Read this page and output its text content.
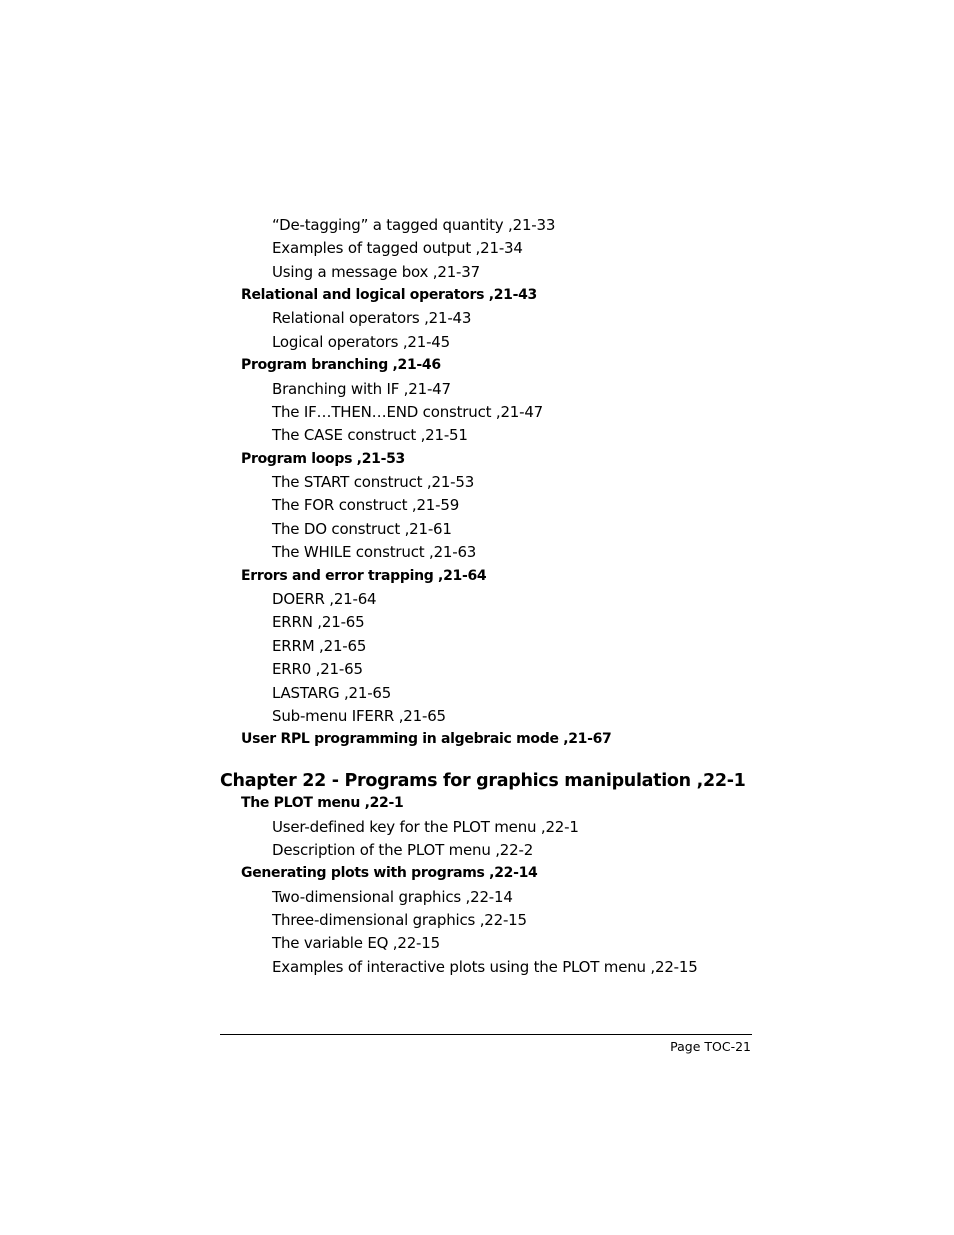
“De-tagging” a tagged quantity ,21-33
Examples of tagged output ,21-34
Using a message box ,21-37
Relational and logical operators ,21-43
Relational operators ,21-43
Logical operators ,21-45
Program branching ,21-46
Branching with IF ,21-47
The IF…THEN…END construct ,21-47
The CASE construct ,21-51
Program loops ,21-53
The START construct ,21-53
The FOR construct ,21-59
The DO construct ,21-61
The WHILE construct ,21-63
Errors and error trapping ,21-64
DOERR ,21-64
ERRN ,21-65
ERRM ,21-65
ERR0 ,21-65
LASTARG ,21-65
Sub-menu IFERR ,21-65
User RPL programming in algebraic mode ,21-67
Chapter 22 - Programs for graphics manipulation ,22-1
The PLOT menu ,22-1
User-defined key for the PLOT menu ,22-1
Description of the PLOT menu ,22-2
Generating plots with programs ,22-14
Two-dimensional graphics ,22-14
Three-dimensional graphics ,22-15
The variable EQ ,22-15
Examples of interactive plots using the PLOT menu ,22-15
Page TOC-21
